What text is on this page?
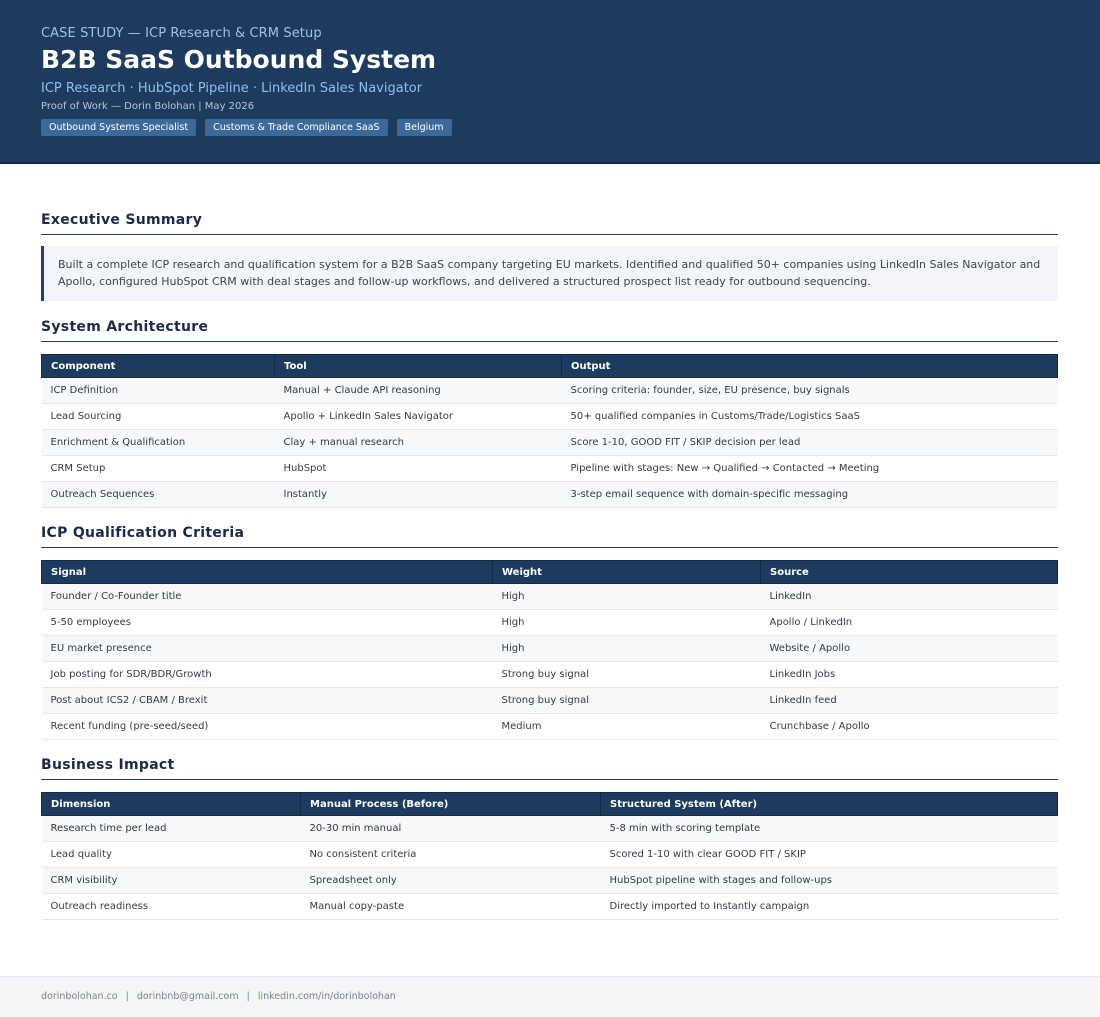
CASE STUDY — ICP Research & CRM Setup
B2B SaaS Outbound System
ICP Research · HubSpot Pipeline · LinkedIn Sales Navigator
Proof of Work — Dorin Bolohan | May 2026
Outbound Systems Specialist	Customs & Trade Compliance SaaS	Belgium
Executive Summary
Built a complete ICP research and qualification system for a B2B SaaS company targeting EU markets. Identified and qualified 50+ companies using LinkedIn Sales Navigator and Apollo, configured HubSpot CRM with deal stages and follow-up workflows, and delivered a structured prospect list ready for outbound sequencing.
System Architecture
Component	Tool	Output
ICP Definition	Manual + Claude API reasoning	Scoring criteria: founder, size, EU presence, buy signals
Lead Sourcing	Apollo + LinkedIn Sales Navigator	50+ qualified companies in Customs/Trade/Logistics SaaS
Enrichment & Qualification	Clay + manual research	Score 1-10, GOOD FIT / SKIP decision per lead
CRM Setup	HubSpot	Pipeline with stages: New → Qualified → Contacted → Meeting
Outreach Sequences	Instantly	3-step email sequence with domain-specific messaging
ICP Qualification Criteria
Signal	Weight	Source
Founder / Co-Founder title	High	LinkedIn
5-50 employees	High	Apollo / LinkedIn
EU market presence	High	Website / Apollo
Job posting for SDR/BDR/Growth	Strong buy signal	LinkedIn Jobs
Post about ICS2 / CBAM / Brexit	Strong buy signal	LinkedIn feed
Recent funding (pre-seed/seed)	Medium	Crunchbase / Apollo
Business Impact
Dimension	Manual Process (Before)	Structured System (After)
Research time per lead	20-30 min manual	5-8 min with scoring template
Lead quality	No consistent criteria	Scored 1-10 with clear GOOD FIT / SKIP
CRM visibility	Spreadsheet only	HubSpot pipeline with stages and follow-ups
Outreach readiness	Manual copy-paste	Directly imported to Instantly campaign
dorinbolohan.co | dorinbnb@gmail.com | linkedin.com/in/dorinbolohan
